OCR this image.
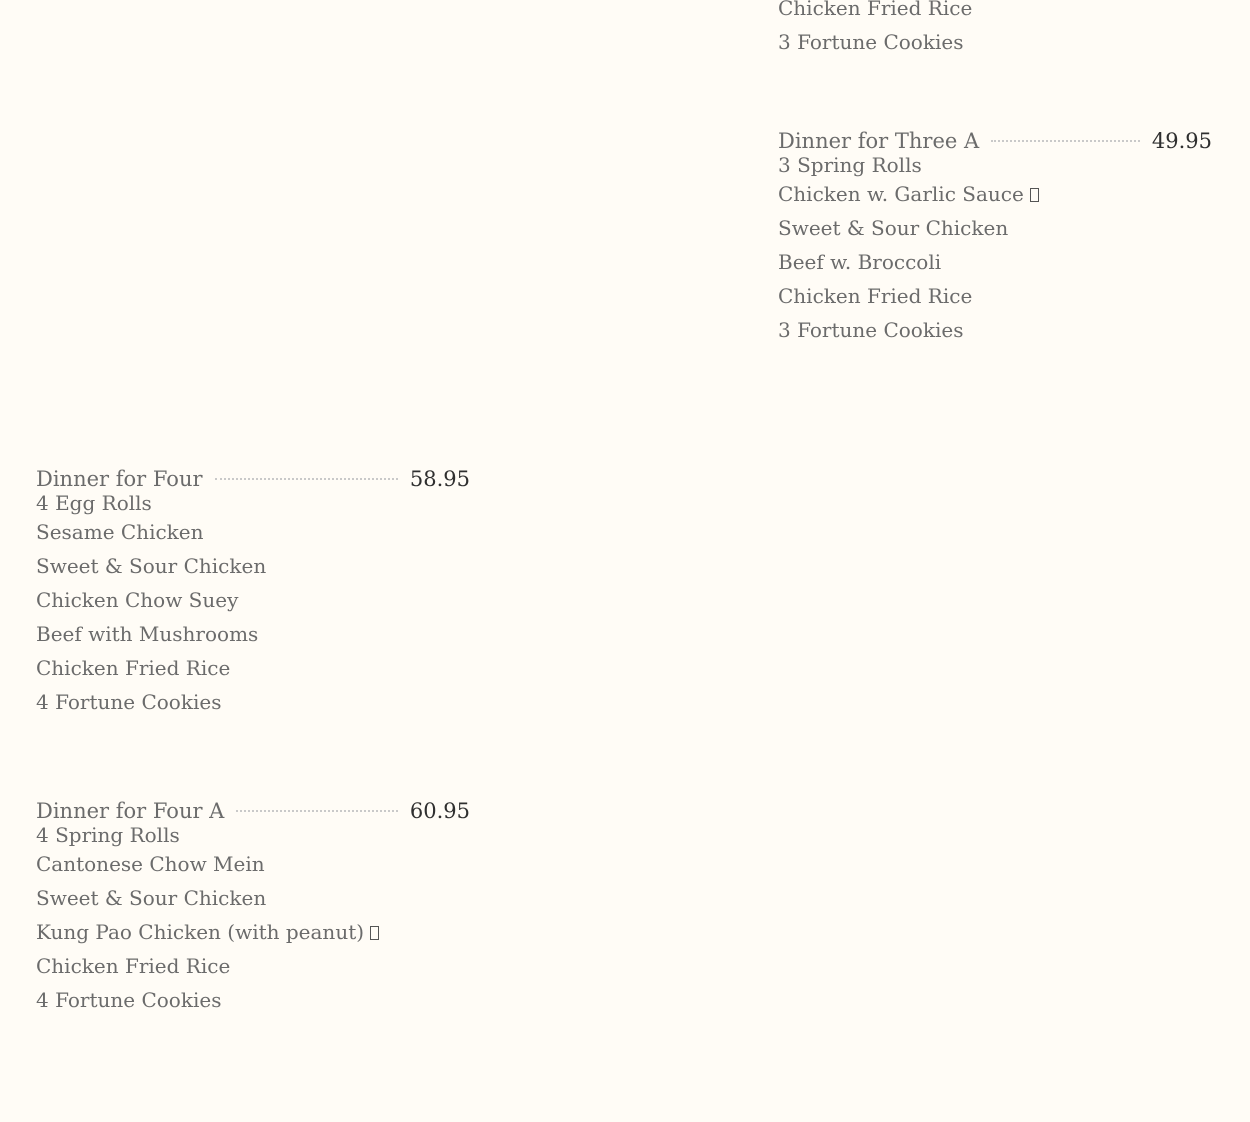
Chicken Fried Rice
3 Fortune Cookies
Dinner for Three A	49.95
3 Spring Rolls
Chicken w. Garlic Sauce
Sweet & Sour Chicken
Beef w. Broccoli
Chicken Fried Rice
3 Fortune Cookies
Dinner for Four	58.95
4 Egg Rolls
Sesame Chicken
Sweet & Sour Chicken
Chicken Chow Suey
Beef with Mushrooms
Chicken Fried Rice
4 Fortune Cookies
Dinner for Four A	60.95
4 Spring Rolls
Cantonese Chow Mein
Sweet & Sour Chicken
Kung Pao Chicken (with peanut)
Chicken Fried Rice
4 Fortune Cookies
